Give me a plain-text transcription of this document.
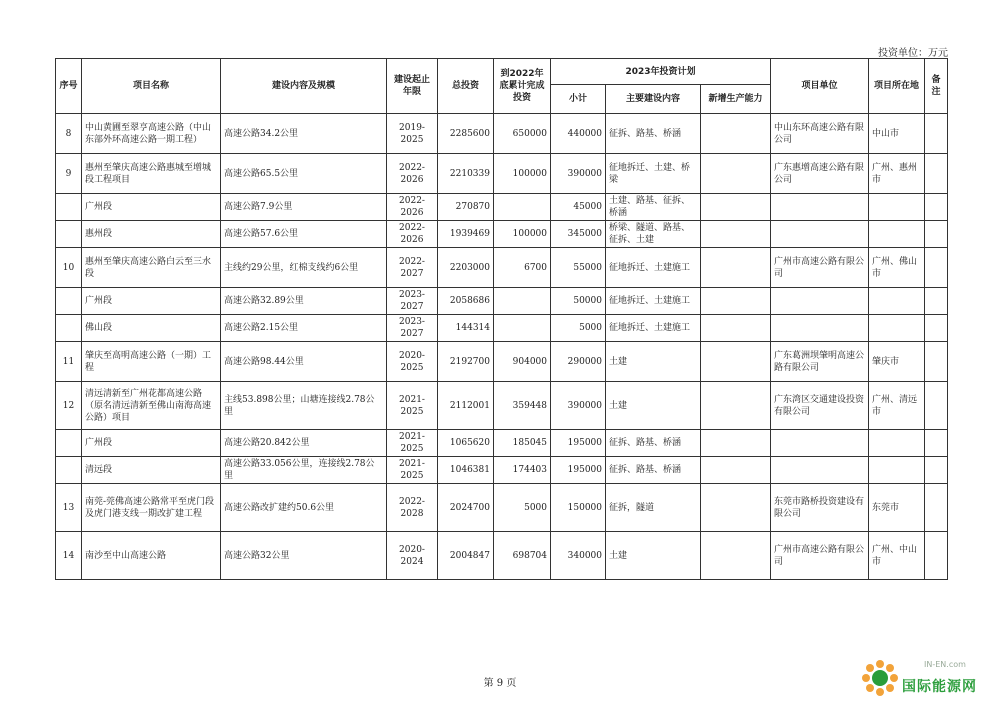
投资单位：万元
序号	项目名称	建设内容及规模	建设起止年限	总投资	到2022年底累计完成投资	2023年投资计划			项目单位	项目所在地	备注
						小计	主要建设内容	新增生产能力			
8	中山黄圃至翠亨高速公路（中山东部外环高速公路一期工程）	高速公路34.2公里	2019-2025	2285600	650000	440000	征拆、路基、桥涵		中山东环高速公路有限公司	中山市	
9	惠州至肇庆高速公路惠城至增城段工程项目	高速公路65.5公里	2022-2026	2210339	100000	390000	征地拆迁、土建、桥梁		广东惠增高速公路有限公司	广州、惠州市	
	广州段	高速公路7.9公里	2022-2026	270870		45000	土建、路基、征拆、桥涵				
	惠州段	高速公路57.6公里	2022-2026	1939469	100000	345000	桥梁、隧道、路基、征拆、土建				
10	惠州至肇庆高速公路白云至三水段	主线约29公里，红棉支线约6公里	2022-2027	2203000	6700	55000	征地拆迁、土建施工		广州市高速公路有限公司	广州、佛山市	
	广州段	高速公路32.89公里	2023-2027	2058686		50000	征地拆迁、土建施工				
	佛山段	高速公路2.15公里	2023-2027	144314		5000	征地拆迁、土建施工				
11	肇庆至高明高速公路（一期）工程	高速公路98.44公里	2020-2025	2192700	904000	290000	土建		广东葛洲坝肇明高速公路有限公司	肇庆市	
12	清远清新至广州花都高速公路（原名清远清新至佛山南海高速公路）项目	主线53.898公里；山塘连接线2.78公里	2021-2025	2112001	359448	390000	土建		广东湾区交通建设投资有限公司	广州、清远市	
	广州段	高速公路20.842公里	2021-2025	1065620	185045	195000	征拆、路基、桥涵				
	清远段	高速公路33.056公里，连接线2.78公里	2021-2025	1046381	174403	195000	征拆、路基、桥涵				
13	南莞-莞佛高速公路常平至虎门段及虎门港支线一期改扩建工程	高速公路改扩建约50.6公里	2022-2028	2024700	5000	150000	征拆，隧道		东莞市路桥投资建设有限公司	东莞市	
14	南沙至中山高速公路	高速公路32公里	2020-2024	2004847	698704	340000	土建		广州市高速公路有限公司	广州、中山市	
第 9 页
IN-EN.com
国际能源网
